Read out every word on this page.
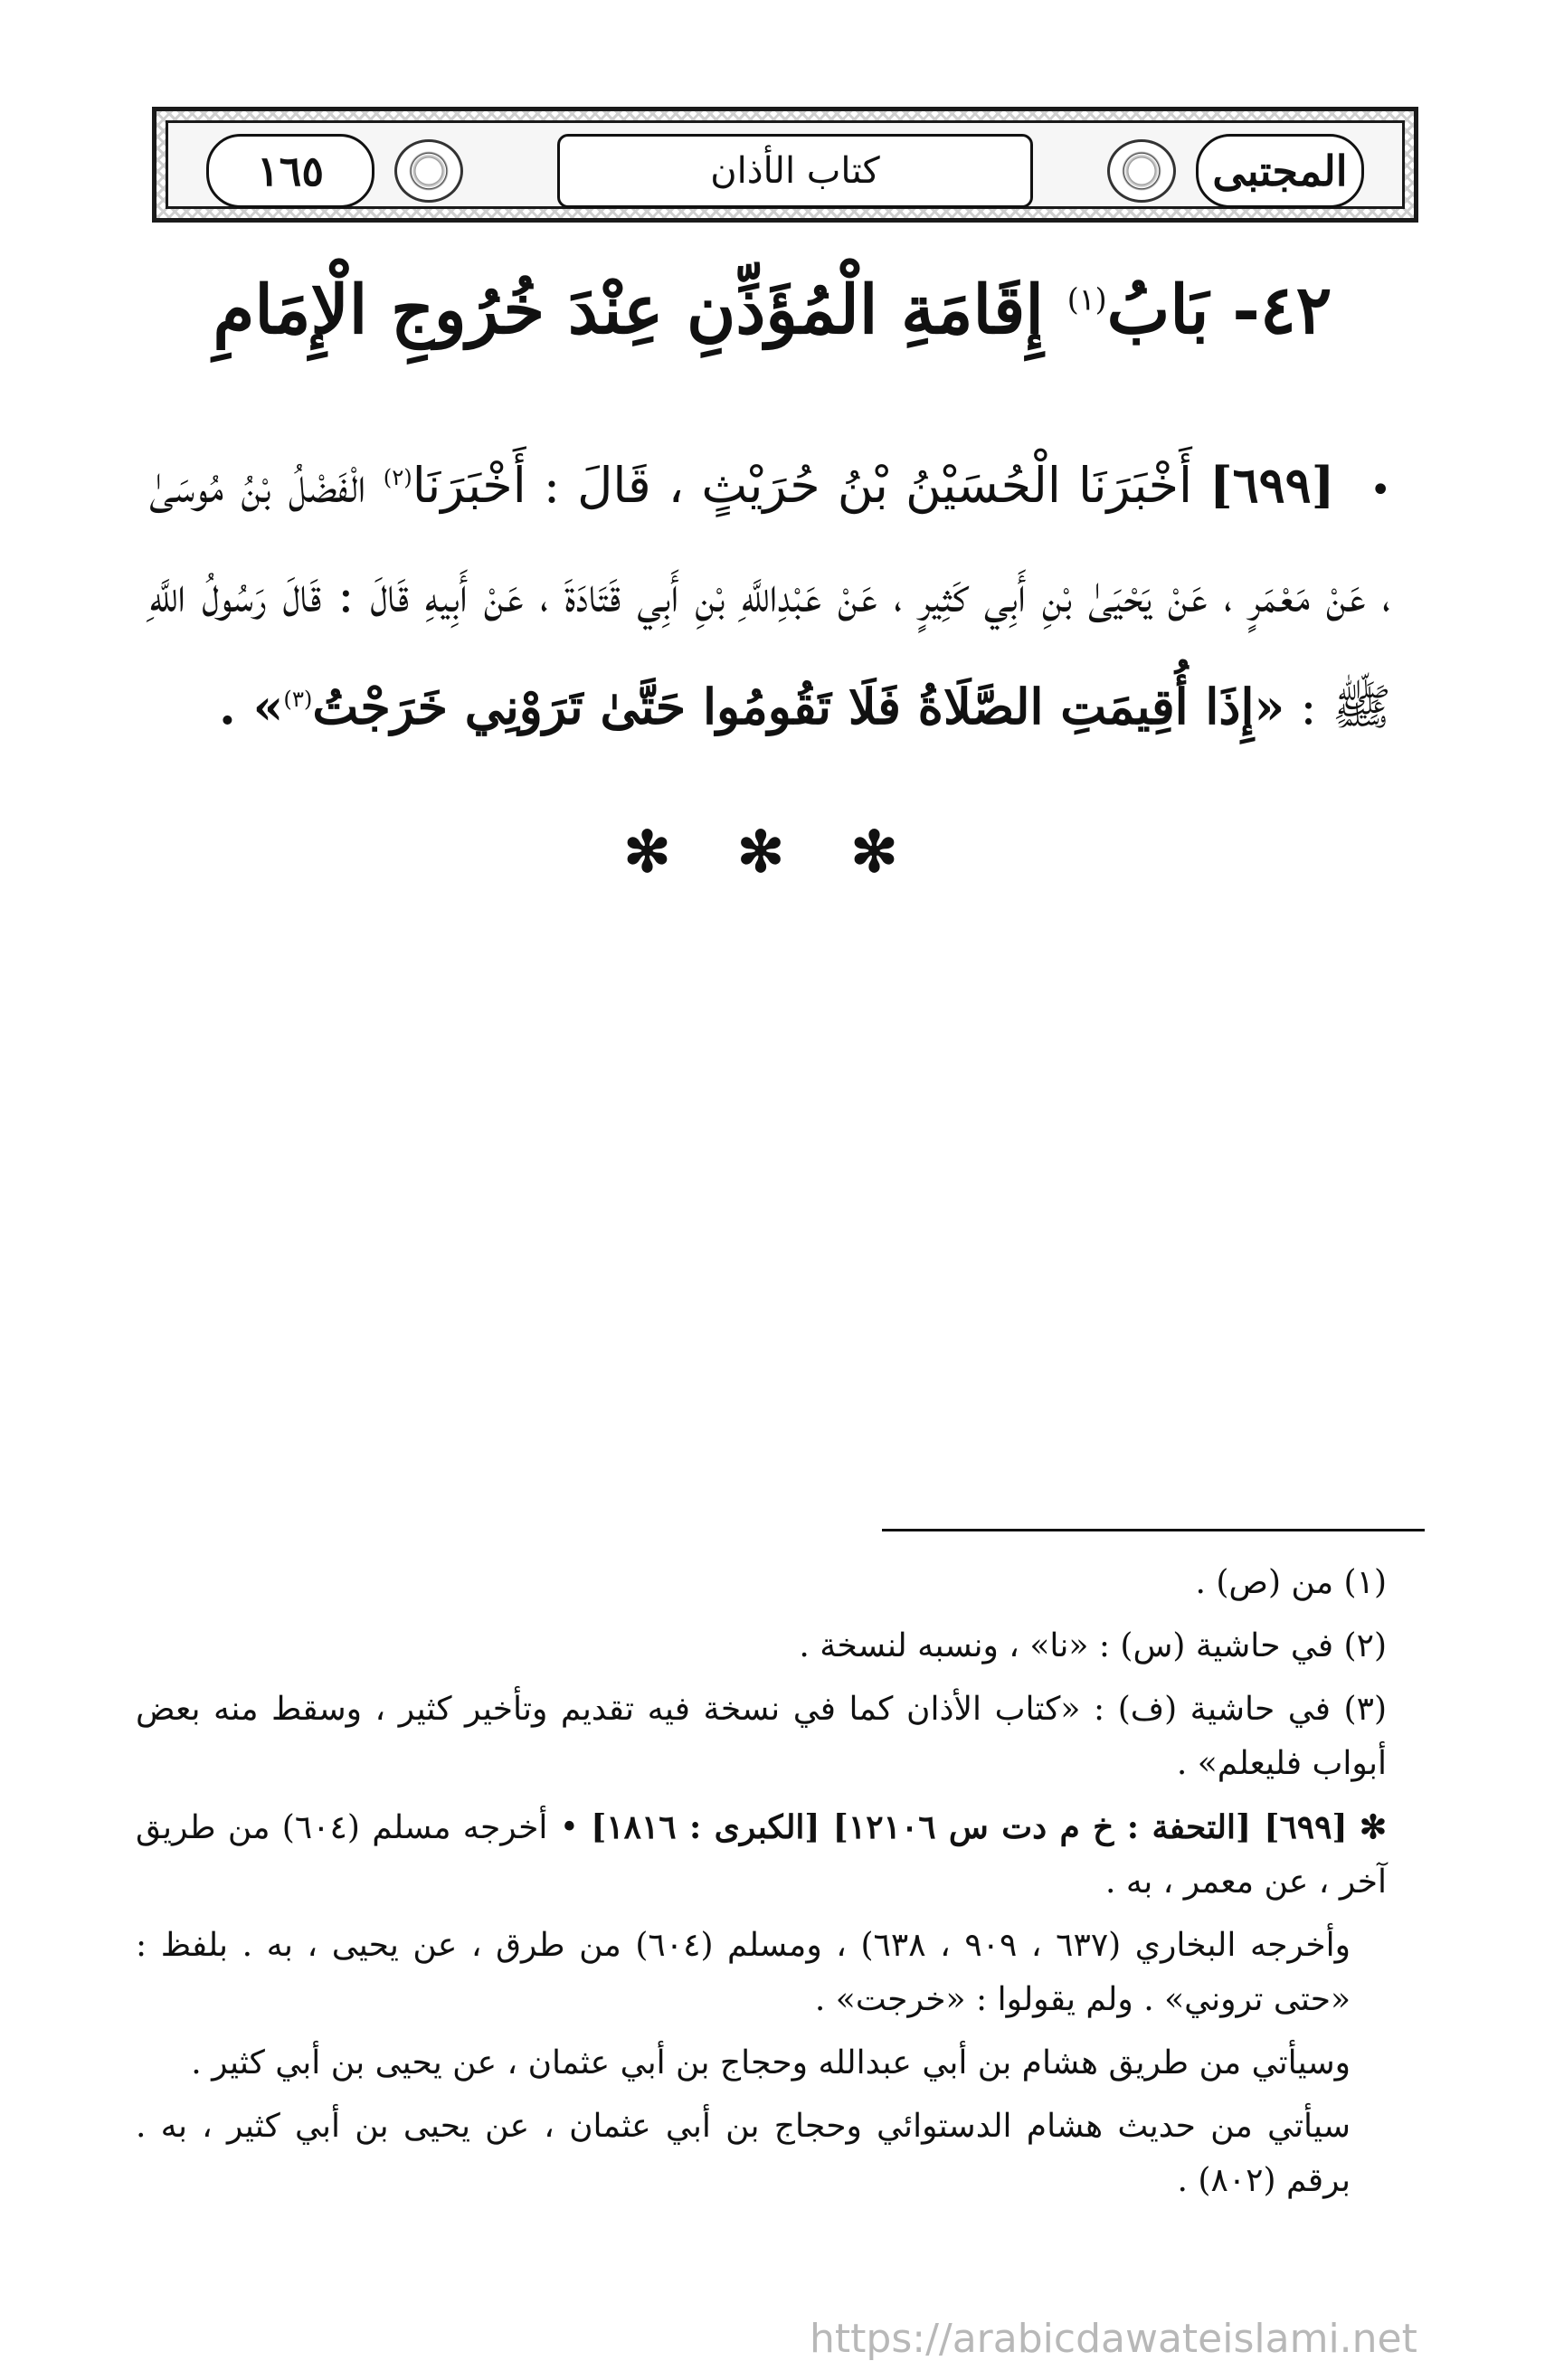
١٦٥	كتاب الأذان	المجتبى
٤٢- بَابُ$^{(١)}$ إِقَامَةِ الْمُؤَذِّنِ عِنْدَ خُرُوجِ الْإِمَامِ
• [٦٩٩] أَخْبَرَنَا الْحُسَيْنُ بْنُ حُرَيْثٍ ، قَالَ : أَخْبَرَنَا$^{(٢)}$ الْفَضْلُ بْنُ مُوسَىٰ ، عَنْ مَعْمَرٍ ، عَنْ يَحْيَىٰ بْنِ أَبِي كَثِيرٍ ، عَنْ عَبْدِاللَّهِ بْنِ أَبِي قَتَادَةَ ، عَنْ أَبِيهِ قَالَ : قَالَ رَسُولُ اللَّهِ ﷺ : «إِذَا أُقِيمَتِ الصَّلَاةُ فَلَا تَقُومُوا حَتَّىٰ تَرَوْنِي خَرَجْتُ$^{(٣)}$» .
✻ ✻ ✻

(١) من (ص) .

(٢) في حاشية (س) : «نا» ، ونسبه لنسخة .

(٣) في حاشية (ف) : «كتاب الأذان كما في نسخة فيه تقديم وتأخير كثير ، وسقط منه بعض أبواب فليعلم» .

✻ [٦٩٩] [التحفة : خ م دت س ١٢١٠٦] [الكبرى : ١٨١٦] • أخرجه مسلم (٦٠٤) من طريق آخر ، عن معمر ، به .

وأخرجه البخاري (٦٣٧ ، ٩٠٩ ، ٦٣٨) ، ومسلم (٦٠٤) من طرق ، عن يحيى ، به . بلفظ : «حتى تروني» . ولم يقولوا : «خرجت» .

وسيأتي من طريق هشام بن أبي عبدالله وحجاج بن أبي عثمان ، عن يحيى بن أبي كثير .

سيأتي من حديث هشام الدستوائي وحجاج بن أبي عثمان ، عن يحيى بن أبي كثير ، به . برقم (٨٠٢) .

https://arabicdawateislami.net
